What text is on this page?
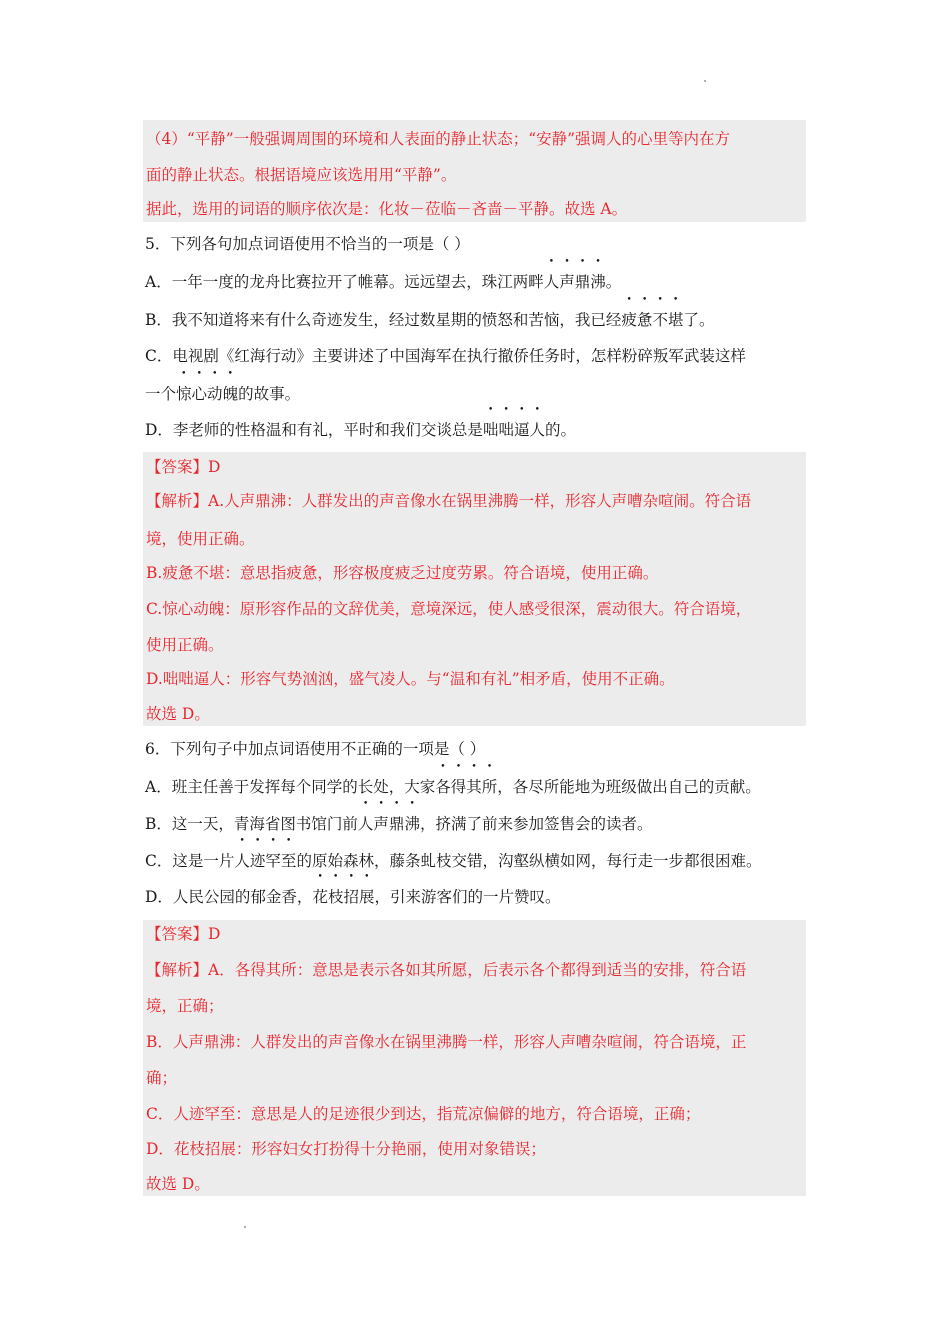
（4）“平静”一般强调周围的环境和人表面的静止状态；“安静”强调人的心里等内在方
面的静止状态。根据语境应该选用用“平静”。
据此，选用的词语的顺序依次是：化妆－莅临－吝啬－平静。故选 A。
5．下列各句加点词语使用不恰当的一项是（ ）
A．一年一度的龙舟比赛拉开了帷幕。远远望去，珠江两畔人声鼎沸。
B．我不知道将来有什么奇迹发生，经过数星期的愤怒和苦恼，我已经疲惫不堪了。
C．电视剧《红海行动》主要讲述了中国海军在执行撤侨任务时，怎样粉碎叛军武装这样
一个惊心动魄的故事。
D．李老师的性格温和有礼，平时和我们交谈总是咄咄逼人的。
【答案】D
【解析】A.人声鼎沸：人群发出的声音像水在锅里沸腾一样，形容人声嘈杂喧闹。符合语
境，使用正确。
B.疲惫不堪：意思指疲惫，形容极度疲乏过度劳累。符合语境，使用正确。
C.惊心动魄：原形容作品的文辞优美，意境深远，使人感受很深，震动很大。符合语境，
使用正确。
D.咄咄逼人：形容气势汹汹，盛气凌人。与“温和有礼”相矛盾，使用不正确。
故选 D。
6．下列句子中加点词语使用不正确的一项是（ ）
A．班主任善于发挥每个同学的长处，大家各得其所，各尽所能地为班级做出自己的贡献。
B．这一天，青海省图书馆门前人声鼎沸，挤满了前来参加签售会的读者。
C．这是一片人迹罕至的原始森林，藤条虬枝交错，沟壑纵横如网，每行走一步都很困难。
D．人民公园的郁金香，花枝招展，引来游客们的一片赞叹。
【答案】D
【解析】A．各得其所：意思是表示各如其所愿，后表示各个都得到适当的安排，符合语
境，正确；
B．人声鼎沸：人群发出的声音像水在锅里沸腾一样，形容人声嘈杂喧闹，符合语境，正
确；
C．人迹罕至：意思是人的足迹很少到达，指荒凉偏僻的地方，符合语境，正确；
D．花枝招展：形容妇女打扮得十分艳丽，使用对象错误；
故选 D。
